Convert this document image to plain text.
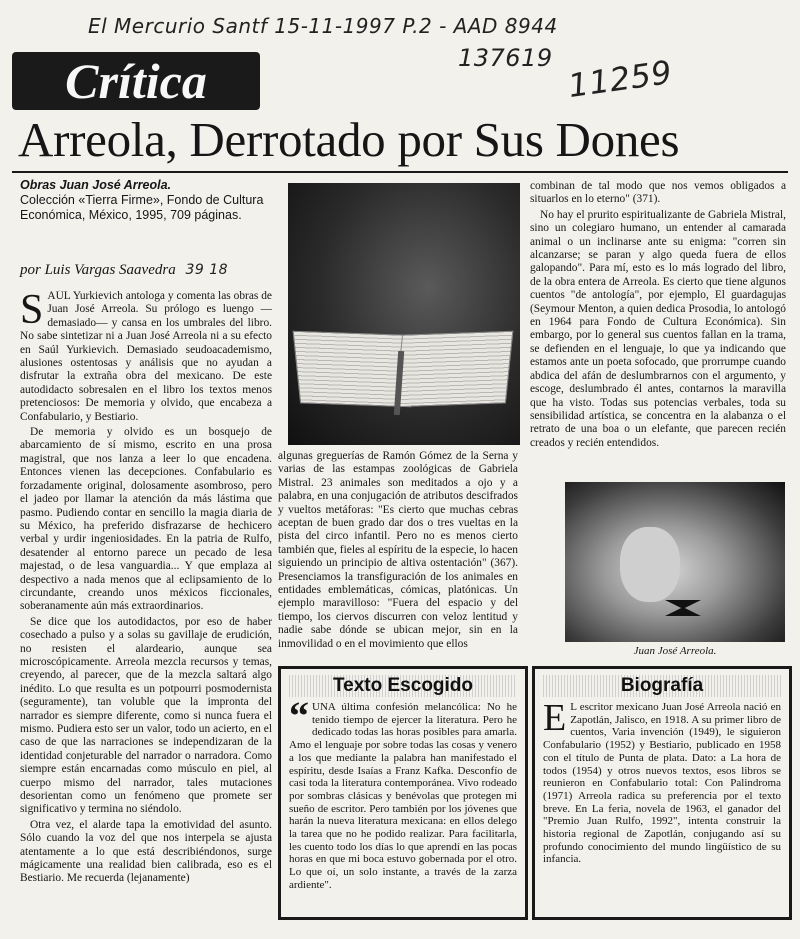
El Mercurio Santf 15-11-1997 P.2 - AAD 8944
137619 11259
Crítica
Arreola, Derrotado por Sus Dones
Obras Juan José Arreola.
Colección «Tierra Firme», Fondo de Cultura Económica, México, 1995, 709 páginas.
por Luis Vargas Saavedra 39 18

SAÚL Yurkievich antologa y comenta las obras de Juan José Arreola. Su prólogo es luengo —demasiado— y cansa en los umbrales del libro. No sabe sintetizar ni a Juan José Arreola ni a su efecto en Saúl Yurkievich. Demasiado seudoacademismo, alusiones ostentosas y análisis que no ayudan a disfrutar la extraña obra del mexicano. De este autodidacto sobresalen en el libro los textos menos pretenciosos: De memoria y olvido, que encabeza a Confabulario, y Bestiario.

De memoria y olvido es un bosquejo de abarcamiento de sí mismo, escrito en una prosa magistral, que nos lanza a leer lo que encadena. Entonces vienen las decepciones. Confabulario es forzadamente original, dolosamente asombroso, pero el jadeo por llamar la atención da más lástima que pasmo. Pudiendo contar en sencillo la magia diaria de su México, ha preferido disfrazarse de hechicero verbal y urdir ingeniosidades. En la patria de Rulfo, desatender al entorno parece un pecado de lesa majestad, o de lesa vanguardia... Y que emplaza al despectivo a nada menos que al eclipsamiento de lo circundante, creando unos méxicos ficcionales, soberanamente aún más extraordinarios.

Se dice que los autodidactos, por eso de haber cosechado a pulso y a solas su gavillaje de erudición, no resisten el alardeario, aunque sea microscópicamente. Arreola mezcla recursos y temas, creyendo, al parecer, que de la mezcla saltará algo inédito. Lo que resulta es un potpourri posmodernista (seguramente), tan voluble que la impronta del narrador es siempre diferente, como si nunca fuera el mismo. Pudiera esto ser un valor, todo un acierto, en el caso de que las narraciones se independizaran de la identidad conjeturable del narrador o narradora. Como siempre están encarnadas como músculo en piel, al cuerpo mismo del narrador, tales mutaciones desorientan como un fenómeno que promete ser significativo y termina no siéndolo.

Otra vez, el alarde tapa la emotividad del asunto. Sólo cuando la voz del que nos interpela se ajusta atentamente a lo que está describiéndonos, surge mágicamente una realidad bien calibrada, eso es el Bestiario. Me recuerda (lejanamente)

algunas greguerías de Ramón Gómez de la Serna y varias de las estampas zoológicas de Gabriela Mistral. 23 animales son meditados a ojo y a palabra, en una conjugación de atributos descifrados y vueltos metáforas: "Es cierto que muchas cebras aceptan de buen grado dar dos o tres vueltas en la pista del circo infantil. Pero no es menos cierto también que, fieles al espíritu de la especie, lo hacen siguiendo un principio de altiva ostentación" (367). Presenciamos la transfiguración de los animales en entidades emblemáticas, cómicas, platónicas. Un ejemplo maravilloso: "Fuera del espacio y del tiempo, los ciervos discurren con veloz lentitud y nadie sabe dónde se ubican mejor, sin en la inmovilidad o en el movimiento que ellos

combinan de tal modo que nos vemos obligados a situarlos en lo eterno" (371).

No hay el prurito espiritualizante de Gabriela Mistral, sino un colegiaro humano, un entender al camarada animal o un inclinarse ante su enigma: "corren sin alcanzarse; se paran y algo queda fuera de ellos galopando". Para mí, esto es lo más logrado del libro, de la obra entera de Arreola. Es cierto que tiene algunos cuentos "de antología", por ejemplo, El guardagujas (Seymour Menton, a quien dedica Prosodia, lo antologó en 1964 para Fondo de Cultura Económica). Sin embargo, por lo general sus cuentos fallan en la trama, se defienden en el lenguaje, lo que ya indicando que estamos ante un poeta sofocado, que prorrumpe cuando abdica del afán de deslumbrarnos con el argumento, y escoge, deslumbrado él antes, contarnos la maravilla que ha visto. Todas sus potencias verbales, toda su sensibilidad artística, se concentra en la alabanza o el retrato de una boa o un elefante, que parecen recién creados y recién entendidos.

Juan José Arreola.
Texto Escogido
“ UNA última confesión melancólica: No he tenido tiempo de ejercer la literatura. Pero he dedicado todas las horas posibles para amarla. Amo el lenguaje por sobre todas las cosas y venero a los que mediante la palabra han manifestado el espíritu, desde Isaías a Franz Kafka. Desconfío de casi toda la literatura contemporánea. Vivo rodeado por sombras clásicas y benévolas que protegen mi sueño de escritor. Pero también por los jóvenes que harán la nueva literatura mexicana: en ellos delego la tarea que no he podido realizar. Para facilitarla, les cuento todo los días lo que aprendí en las pocas horas en que mi boca estuvo gobernada por el otro. Lo que oí, un solo instante, a través de la zarza ardiente".
Biografía
E L escritor mexicano Juan José Arreola nació en Zapotlán, Jalisco, en 1918. A su primer libro de cuentos, Varia invención (1949), le siguieron Confabulario (1952) y Bestiario, publicado en 1958 con el título de Punta de plata. Dato: a La hora de todos (1954) y otros nuevos textos, esos libros se reunieron en Confabulario total: Con Palindroma (1971) Arreola radica su preferencia por el texto breve. En La feria, novela de 1963, el ganador del "Premio Juan Rulfo, 1992", intenta construir la historia regional de Zapotlán, conjugando así su profundo conocimiento del mundo lingüístico de su infancia.
